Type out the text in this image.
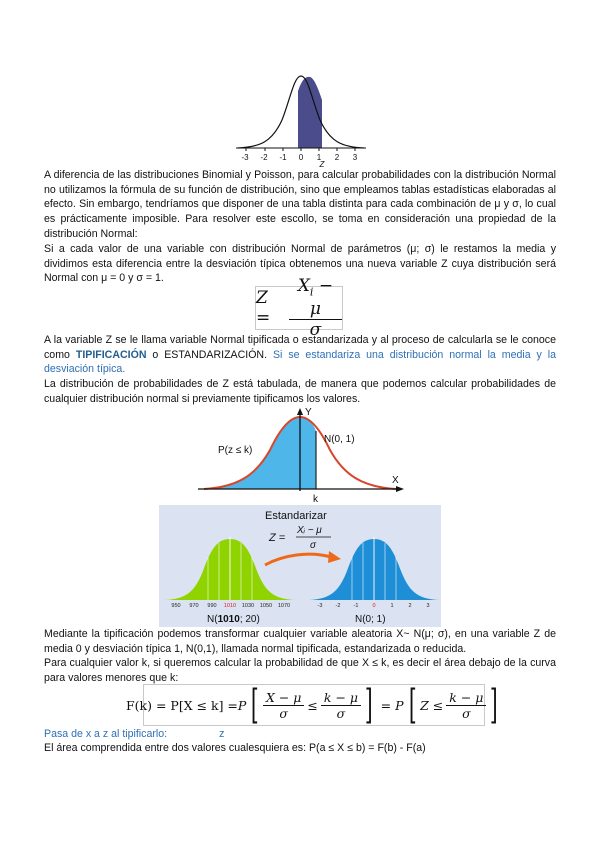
-3 -2 -1 0 1 2 3
Z

A diferencia de las distribuciones Binomial y Poisson, para calcular probabilidades con la distribución Normal no utilizamos la fórmula de su función de distribución, sino que empleamos tablas estadísticas elaboradas al efecto. Sin embargo, tendríamos que disponer de una tabla distinta para cada combinación de μ y σ, lo cual es prácticamente imposible. Para resolver este escollo, se toma en consideración una propiedad de la distribución Normal:

Si a cada valor de una variable con distribución Normal de parámetros (μ; σ) le restamos la media y dividimos esta diferencia entre la desviación típica obtenemos una nueva variable Z cuya distribución será Normal con μ = 0 y σ = 1.

Z =	$\frac{X_i - \mu}{\sigma}$

A la variable Z se le llama variable Normal tipificada o estandarizada y al proceso de calcularla se le conoce como TIPIFICACIÓN o ESTANDARIZACIÓN. Si se estandariza una distribución normal la media y la desviación típica.

La distribución de probabilidades de Z está tabulada, de manera que podemos calcular probabilidades de cualquier distribución normal si previamente tipificamos los valores.

Y
X
P(z ≤ k)
N(0, 1)
k
Estandarizar
Z =
Xᵢ − μ
σ
950 970 990 1010 1030 1050 1070	-3 -2 -1	0	1	2	3
N(1010; 20)	N(0; 1)

Mediante la tipificación podemos transformar cualquier variable aleatoria X~ N(μ; σ), en una variable Z de media 0 y desviación típica 1, N(0,1), llamada normal tipificada, estandarizada o reducida.

Para cualquier valor k, si queremos calcular la probabilidad de que X ≤ k, es decir el área debajo de la curva para valores menores que k:

F(k) = P[X ≤ k] = P [ $\frac{X - \mu}{\sigma} \le \frac{k - \mu}{\sigma}$ ] = P [ $Z \le \frac{k - \mu}{\sigma}$ ]

Pasa de x a z al tipificarlo:	z

El área comprendida entre dos valores cualesquiera es: P(a ≤ X ≤ b) = F(b) - F(a)
